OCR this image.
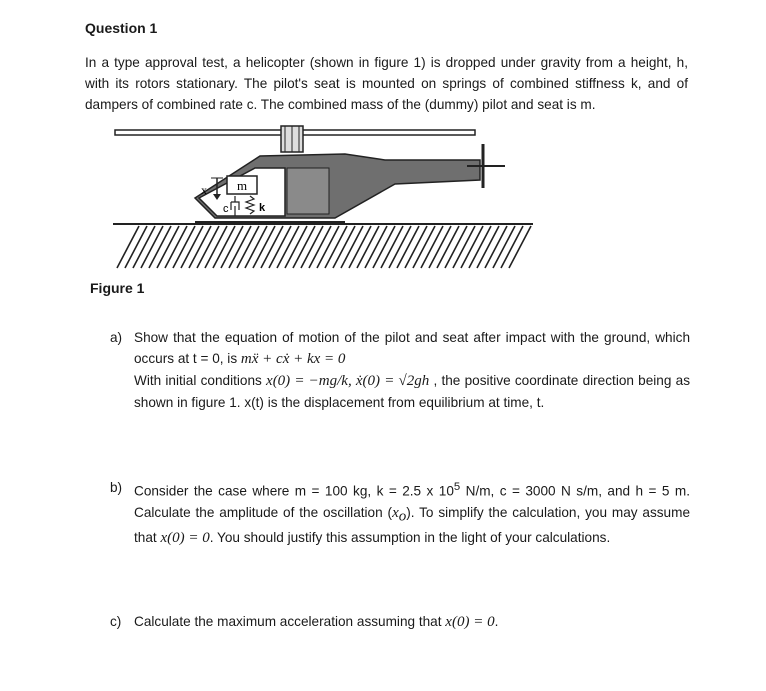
Question 1
In a type approval test, a helicopter (shown in figure 1) is dropped under gravity from a height, h, with its rotors stationary. The pilot's seat is mounted on springs of combined stiffness k, and of dampers of combined rate c. The combined mass of the (dummy) pilot and seat is m.
m
x
c	k
Figure 1
a) Show that the equation of motion of the pilot and seat after impact with the ground, which occurs at t = 0, is mẍ + cẋ + kx = 0
With initial conditions x(0) = −mg/k, ẋ(0) = √2gh , the positive coordinate direction being as shown in figure 1. x(t) is the displacement from equilibrium at time, t.
b) Consider the case where m = 100 kg, k = 2.5 x $10^5$ N/m, c = 3000 N s/m, and h = 5 m. Calculate the amplitude of the oscillation $(x_o)$. To simplify the calculation, you may assume that x(0) = 0. You should justify this assumption in the light of your calculations.
c) Calculate the maximum acceleration assuming that x(0) = 0.
